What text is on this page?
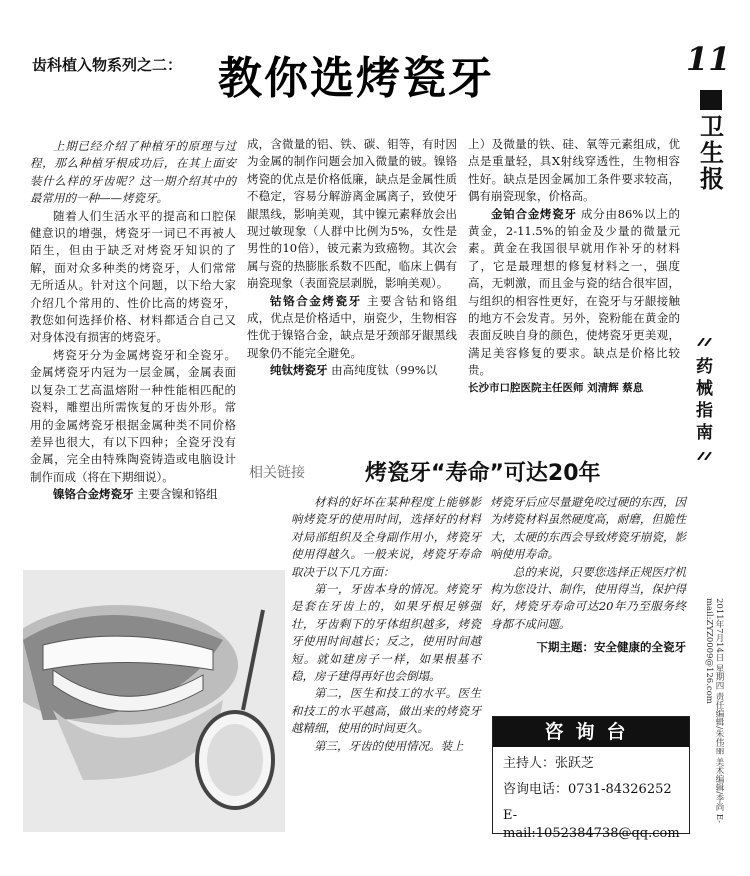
齿科植入物系列之二： 教你选烤瓷牙	11
卫生报
药械指南
2011年7月14日 星期四 责任编辑/朱伟丽 美术编辑/李尚 E-mail:ZYZ0009@126.com

上期已经介绍了种植牙的原理与过程，那么种植牙根成功后，在其上面安装什么样的牙齿呢？这一期介绍其中的最常用的一种——烤瓷牙。

随着人们生活水平的提高和口腔保健意识的增强，烤瓷牙一词已不再被人陌生，但由于缺乏对烤瓷牙知识的了解，面对众多种类的烤瓷牙，人们常常无所适从。针对这个问题，以下给大家介绍几个常用的、性价比高的烤瓷牙，教您如何选择价格、材料都适合自己又对身体没有损害的烤瓷牙。

烤瓷牙分为金属烤瓷牙和全瓷牙。金属烤瓷牙内冠为一层金属，金属表面以复杂工艺高温熔附一种性能相匹配的瓷料，雕塑出所需恢复的牙齿外形。常用的金属烤瓷牙根据金属种类不同价格差异也很大，有以下四种；全瓷牙没有金属，完全由特殊陶瓷铸造或电脑设计制作而成（将在下期细说）。

镍铬合金烤瓷牙 主要含镍和铬组

成，含微量的铝、铁、碳、钼等，有时因为金属的制作问题会加入微量的铍。镍铬烤瓷的优点是价格低廉，缺点是金属性质不稳定，容易分解游离金属离子，致使牙龈黑线，影响美观，其中镍元素释放会出现过敏现象（人群中比例为5%，女性是男性的10倍），铍元素为致癌物。其次会属与瓷的热膨胀系数不匹配，临床上偶有崩瓷现象（表面瓷层剥脱，影响美观）。

钴铬合金烤瓷牙 主要含钴和铬组成，优点是价格适中，崩瓷少，生物相容性优于镍铬合金，缺点是牙颈部牙龈黑线现象仍不能完全避免。

纯钛烤瓷牙 由高纯度钛（99%以

上）及微量的铁、硅、氧等元素组成，优点是重量轻，具X射线穿透性，生物相容性好。缺点是因金属加工条件要求较高，偶有崩瓷现象，价格高。

金铂合金烤瓷牙 成分由86%以上的黄金，2-11.5%的铂金及少量的微量元素。黄金在我国很早就用作补牙的材料了，它是最理想的修复材料之一，强度高，无刺激，而且金与瓷的结合很牢固，与组织的相容性更好，在瓷牙与牙龈接触的地方不会发青。另外，瓷粉能在黄金的表面反映自身的颜色，使烤瓷牙更美观，满足美容修复的要求。缺点是价格比较贵。

长沙市口腔医院主任医师 刘清辉 蔡息

相关链接	烤瓷牙“寿命”可达20年

材料的好坏在某种程度上能够影响烤瓷牙的使用时间，选择好的材料对局部组织及全身副作用小，烤瓷牙使用得越久。一般来说，烤瓷牙寿命取决于以下几方面：

第一，牙齿本身的情况。烤瓷牙是套在牙齿上的，如果牙根足够强壮，牙齿剩下的牙体组织越多，烤瓷牙使用时间越长；反之，使用时间越短。就如建房子一样，如果根基不稳，房子建得再好也会倒塌。

第二，医生和技工的水平。医生和技工的水平越高，做出来的烤瓷牙越精细，使用的时间更久。

第三，牙齿的使用情况。装上

烤瓷牙后应尽量避免咬过硬的东西，因为烤瓷材料虽然硬度高，耐磨，但脆性大，太硬的东西会导致烤瓷牙崩瓷，影响使用寿命。

总的来说，只要您选择正规医疗机构为您设计、制作，使用得当，保护得好，烤瓷牙寿命可达20年乃至服务终身都不成问题。

下期主题：安全健康的全瓷牙

咨询台
主持人：张跃芝
咨询电话：0731-84326252
E-mail:1052384738@qq.com
